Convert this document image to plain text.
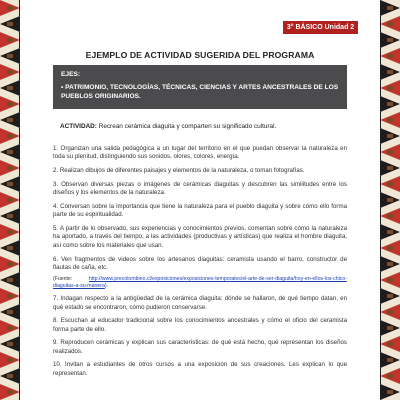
3° BÁSICO Unidad 2
EJEMPLO DE ACTIVIDAD SUGERIDA DEL PROGRAMA
EJES:
• PATRIMONIO, TECNOLOGÍAS, TÉCNICAS, CIENCIAS Y ARTES ANCESTRALES DE LOS PUEBLOS ORIGINARIOS.
ACTIVIDAD: Recrean cerámica diaguita y comparten su significado cultural.

1. Organizan una salida pedagógica a un lugar del territorio en el que puedan observar la naturaleza en toda su plenitud, distinguiendo sus sonidos, olores, colores, energía.

2. Realizan dibujos de diferentes paisajes y elementos de la naturaleza, o toman fotografías.

3. Observan diversas piezas o imágenes de cerámicas diaguitas y descubren las similitudes entre los diseños y los elementos de la naturaleza.

4. Conversan sobre la importancia que tiene la naturaleza para el pueblo diaguita y sobre cómo ello forma parte de su espiritualidad.

5. A partir de lo observado, sus experiencias y conocimientos previos, comentan sobre cómo la naturaleza ha aportado, a través del tiempo, a las actividades (productivas y artísticas) que realiza el hombre diaguita, así como sobre los materiales que usan.

6. Ven fragmentos de videos sobre los artesanos diaguitas: ceramista usando el barro, constructor de flautas de caña, etc.

(Fuente: http://www.precolombino.cl/exposiciones/exposiciones-temporales/el-arte-de-ser-diaguita/hoy-en-ellos-los-chico-diaguitas-a-su-manera).

7. Indagan respecto a la antigüedad de la cerámica diaguita: dónde se hallaron, de qué tiempo datan, en qué estado se encontraron, cómo pudieron conservarse.

8. Escuchan al educador tradicional sobre los conocimientos ancestrales y cómo el oficio del ceramista forma parte de ello.

9. Reproducen cerámicas y explican sus características: de qué está hecho, qué representan los diseños realizados.

10. Invitan a estudiantes de otros cursos a una exposición de sus creaciones. Les explican lo que representan.
